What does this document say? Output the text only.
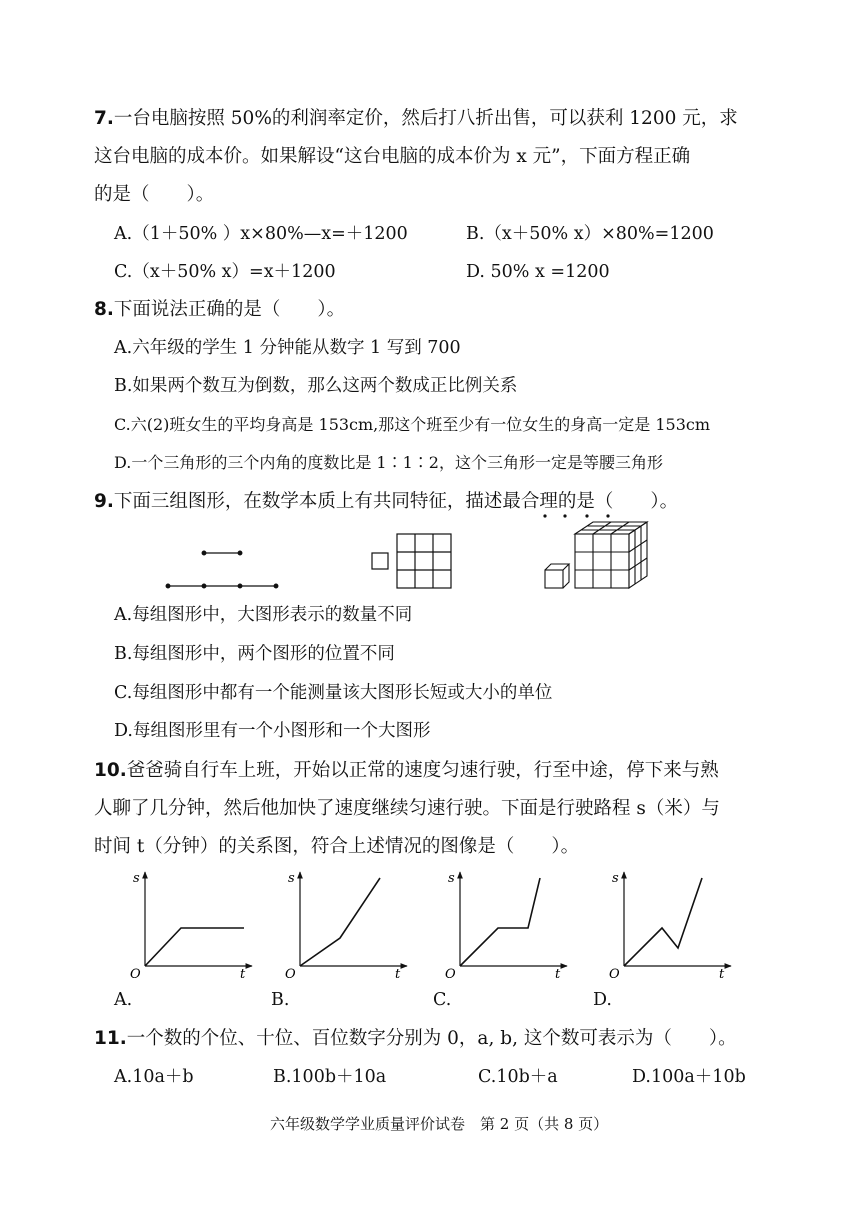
7.一台电脑按照 50%的利润率定价，然后打八折出售，可以获利 1200 元，求
这台电脑的成本价。如果解设“这台电脑的成本价为 x 元”，下面方程正确
的是（　　）。
A.（1＋50% ）x×80%—x=＋1200	B.（x＋50% x）×80%=1200
C.（x＋50% x）=x＋1200	D. 50% x =1200
8.下面说法正确的是（　　）。
A.六年级的学生 1 分钟能从数字 1 写到 700
B.如果两个数互为倒数，那么这两个数成正比例关系
C.六(2)班女生的平均身高是 153cm,那这个班至少有一位女生的身高一定是 153cm
D.一个三角形的三个内角的度数比是 1∶1∶2，这个三角形一定是等腰三角形
9.下面三组图形，在数学本质上有共同特征，描述最合理的是（　　）。
A.每组图形中，大图形表示的数量不同
B.每组图形中，两个图形的位置不同
C.每组图形中都有一个能测量该大图形长短或大小的单位
D.每组图形里有一个小图形和一个大图形
10.爸爸骑自行车上班，开始以正常的速度匀速行驶，行至中途，停下来与熟
人聊了几分钟，然后他加快了速度继续匀速行驶。下面是行驶路程 s（米）与
时间 t（分钟）的关系图，符合上述情况的图像是（　　）。
s
t
O
s
t
O
s
t
O
s
t
O
A.	B.	C.	D.
11.一个数的个位、十位、百位数字分别为 0，a, b, 这个数可表示为（　　）。
A.10a＋b	B.100b＋10a	C.10b＋a	D.100a＋10b
六年级数学学业质量评价试卷　第 2 页（共 8 页）
